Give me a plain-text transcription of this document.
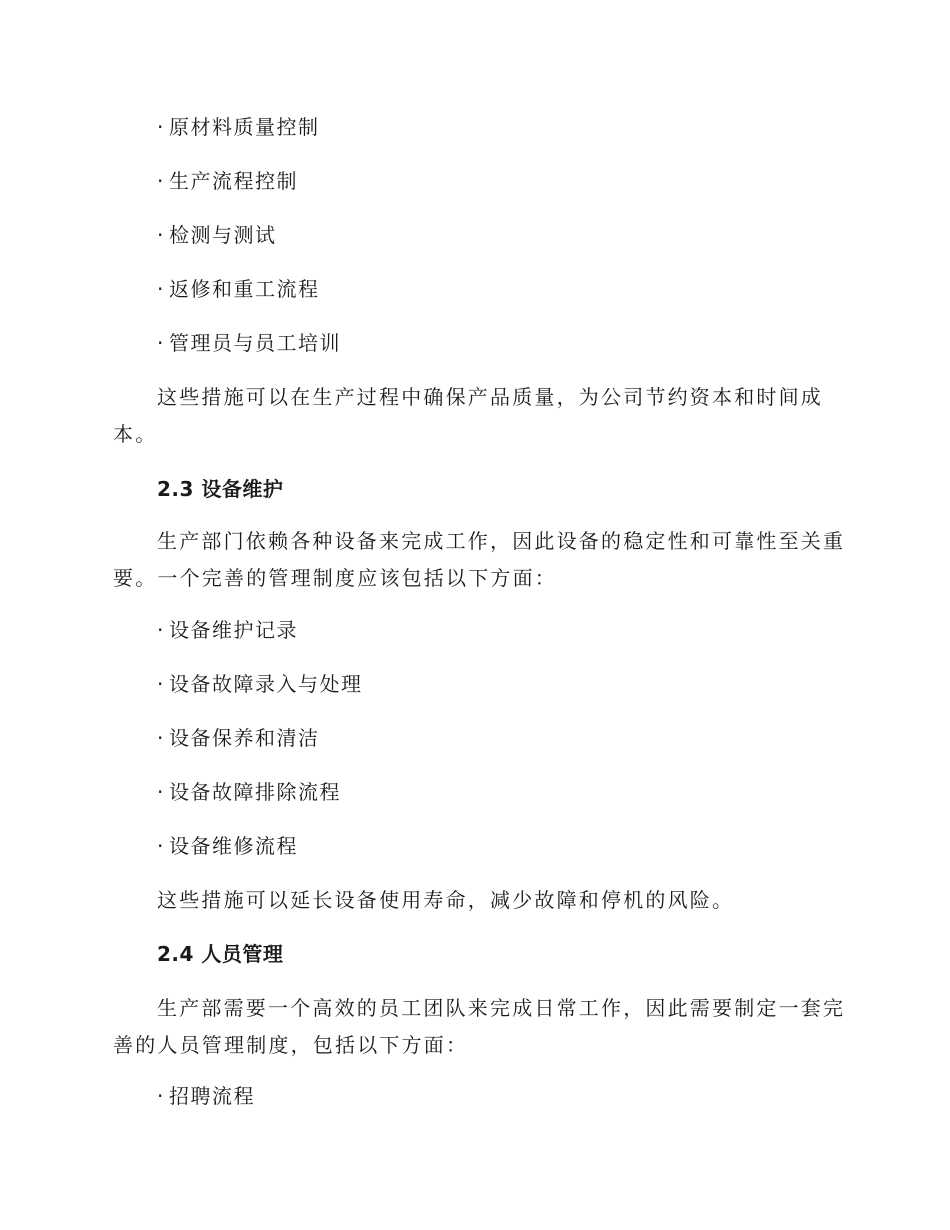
· 原材料质量控制
· 生产流程控制
· 检测与测试
· 返修和重工流程
· 管理员与员工培训
这些措施可以在生产过程中确保产品质量，为公司节约资本和时间成
本。
2.3 设备维护
生产部门依赖各种设备来完成工作，因此设备的稳定性和可靠性至关重
要。一个完善的管理制度应该包括以下方面：
· 设备维护记录
· 设备故障录入与处理
· 设备保养和清洁
· 设备故障排除流程
· 设备维修流程
这些措施可以延长设备使用寿命，减少故障和停机的风险。
2.4 人员管理
生产部需要一个高效的员工团队来完成日常工作，因此需要制定一套完
善的人员管理制度，包括以下方面：
· 招聘流程
